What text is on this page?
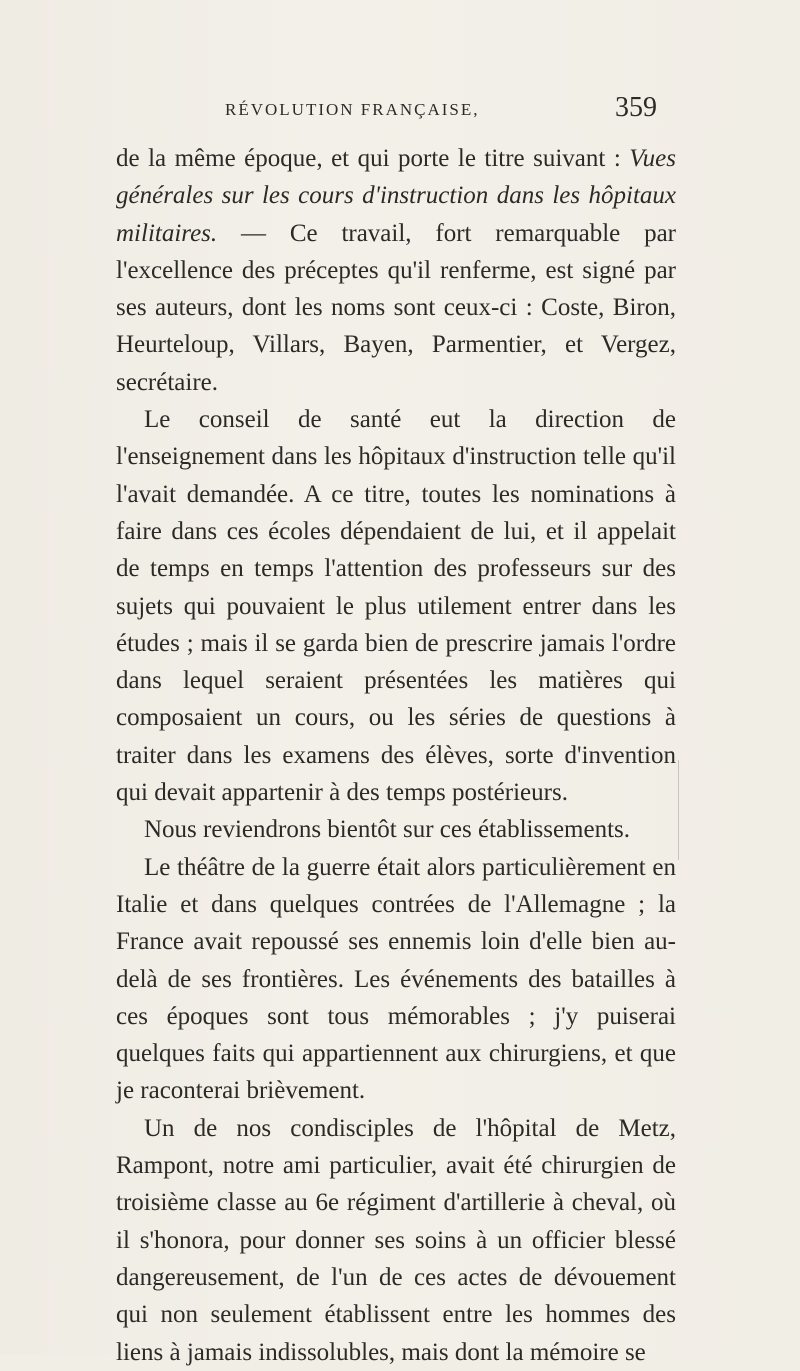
RÉVOLUTION FRANÇAISE,	359

de la même époque, et qui porte le titre suivant : Vues générales sur les cours d'instruction dans les hôpitaux militaires. — Ce travail, fort remarquable par l'excellence des préceptes qu'il renferme, est signé par ses auteurs, dont les noms sont ceux-ci : Coste, Biron, Heurteloup, Villars, Bayen, Parmentier, et Vergez, secrétaire.

Le conseil de santé eut la direction de l'enseignement dans les hôpitaux d'instruction telle qu'il l'avait demandée. A ce titre, toutes les nominations à faire dans ces écoles dépendaient de lui, et il appelait de temps en temps l'attention des professeurs sur des sujets qui pouvaient le plus utilement entrer dans les études ; mais il se garda bien de prescrire jamais l'ordre dans lequel seraient présentées les matières qui composaient un cours, ou les séries de questions à traiter dans les examens des élèves, sorte d'invention qui devait appartenir à des temps postérieurs.

Nous reviendrons bientôt sur ces établissements.

Le théâtre de la guerre était alors particulièrement en Italie et dans quelques contrées de l'Allemagne ; la France avait repoussé ses ennemis loin d'elle bien au-delà de ses frontières. Les événements des batailles à ces époques sont tous mémorables ; j'y puiserai quelques faits qui appartiennent aux chirurgiens, et que je raconterai brièvement.

Un de nos condisciples de l'hôpital de Metz, Rampont, notre ami particulier, avait été chirurgien de troisième classe au 6e régiment d'artillerie à cheval, où il s'honora, pour donner ses soins à un officier blessé dangereusement, de l'un de ces actes de dévouement qui non seulement établissent entre les hommes des liens à jamais indissolubles, mais dont la mémoire se
